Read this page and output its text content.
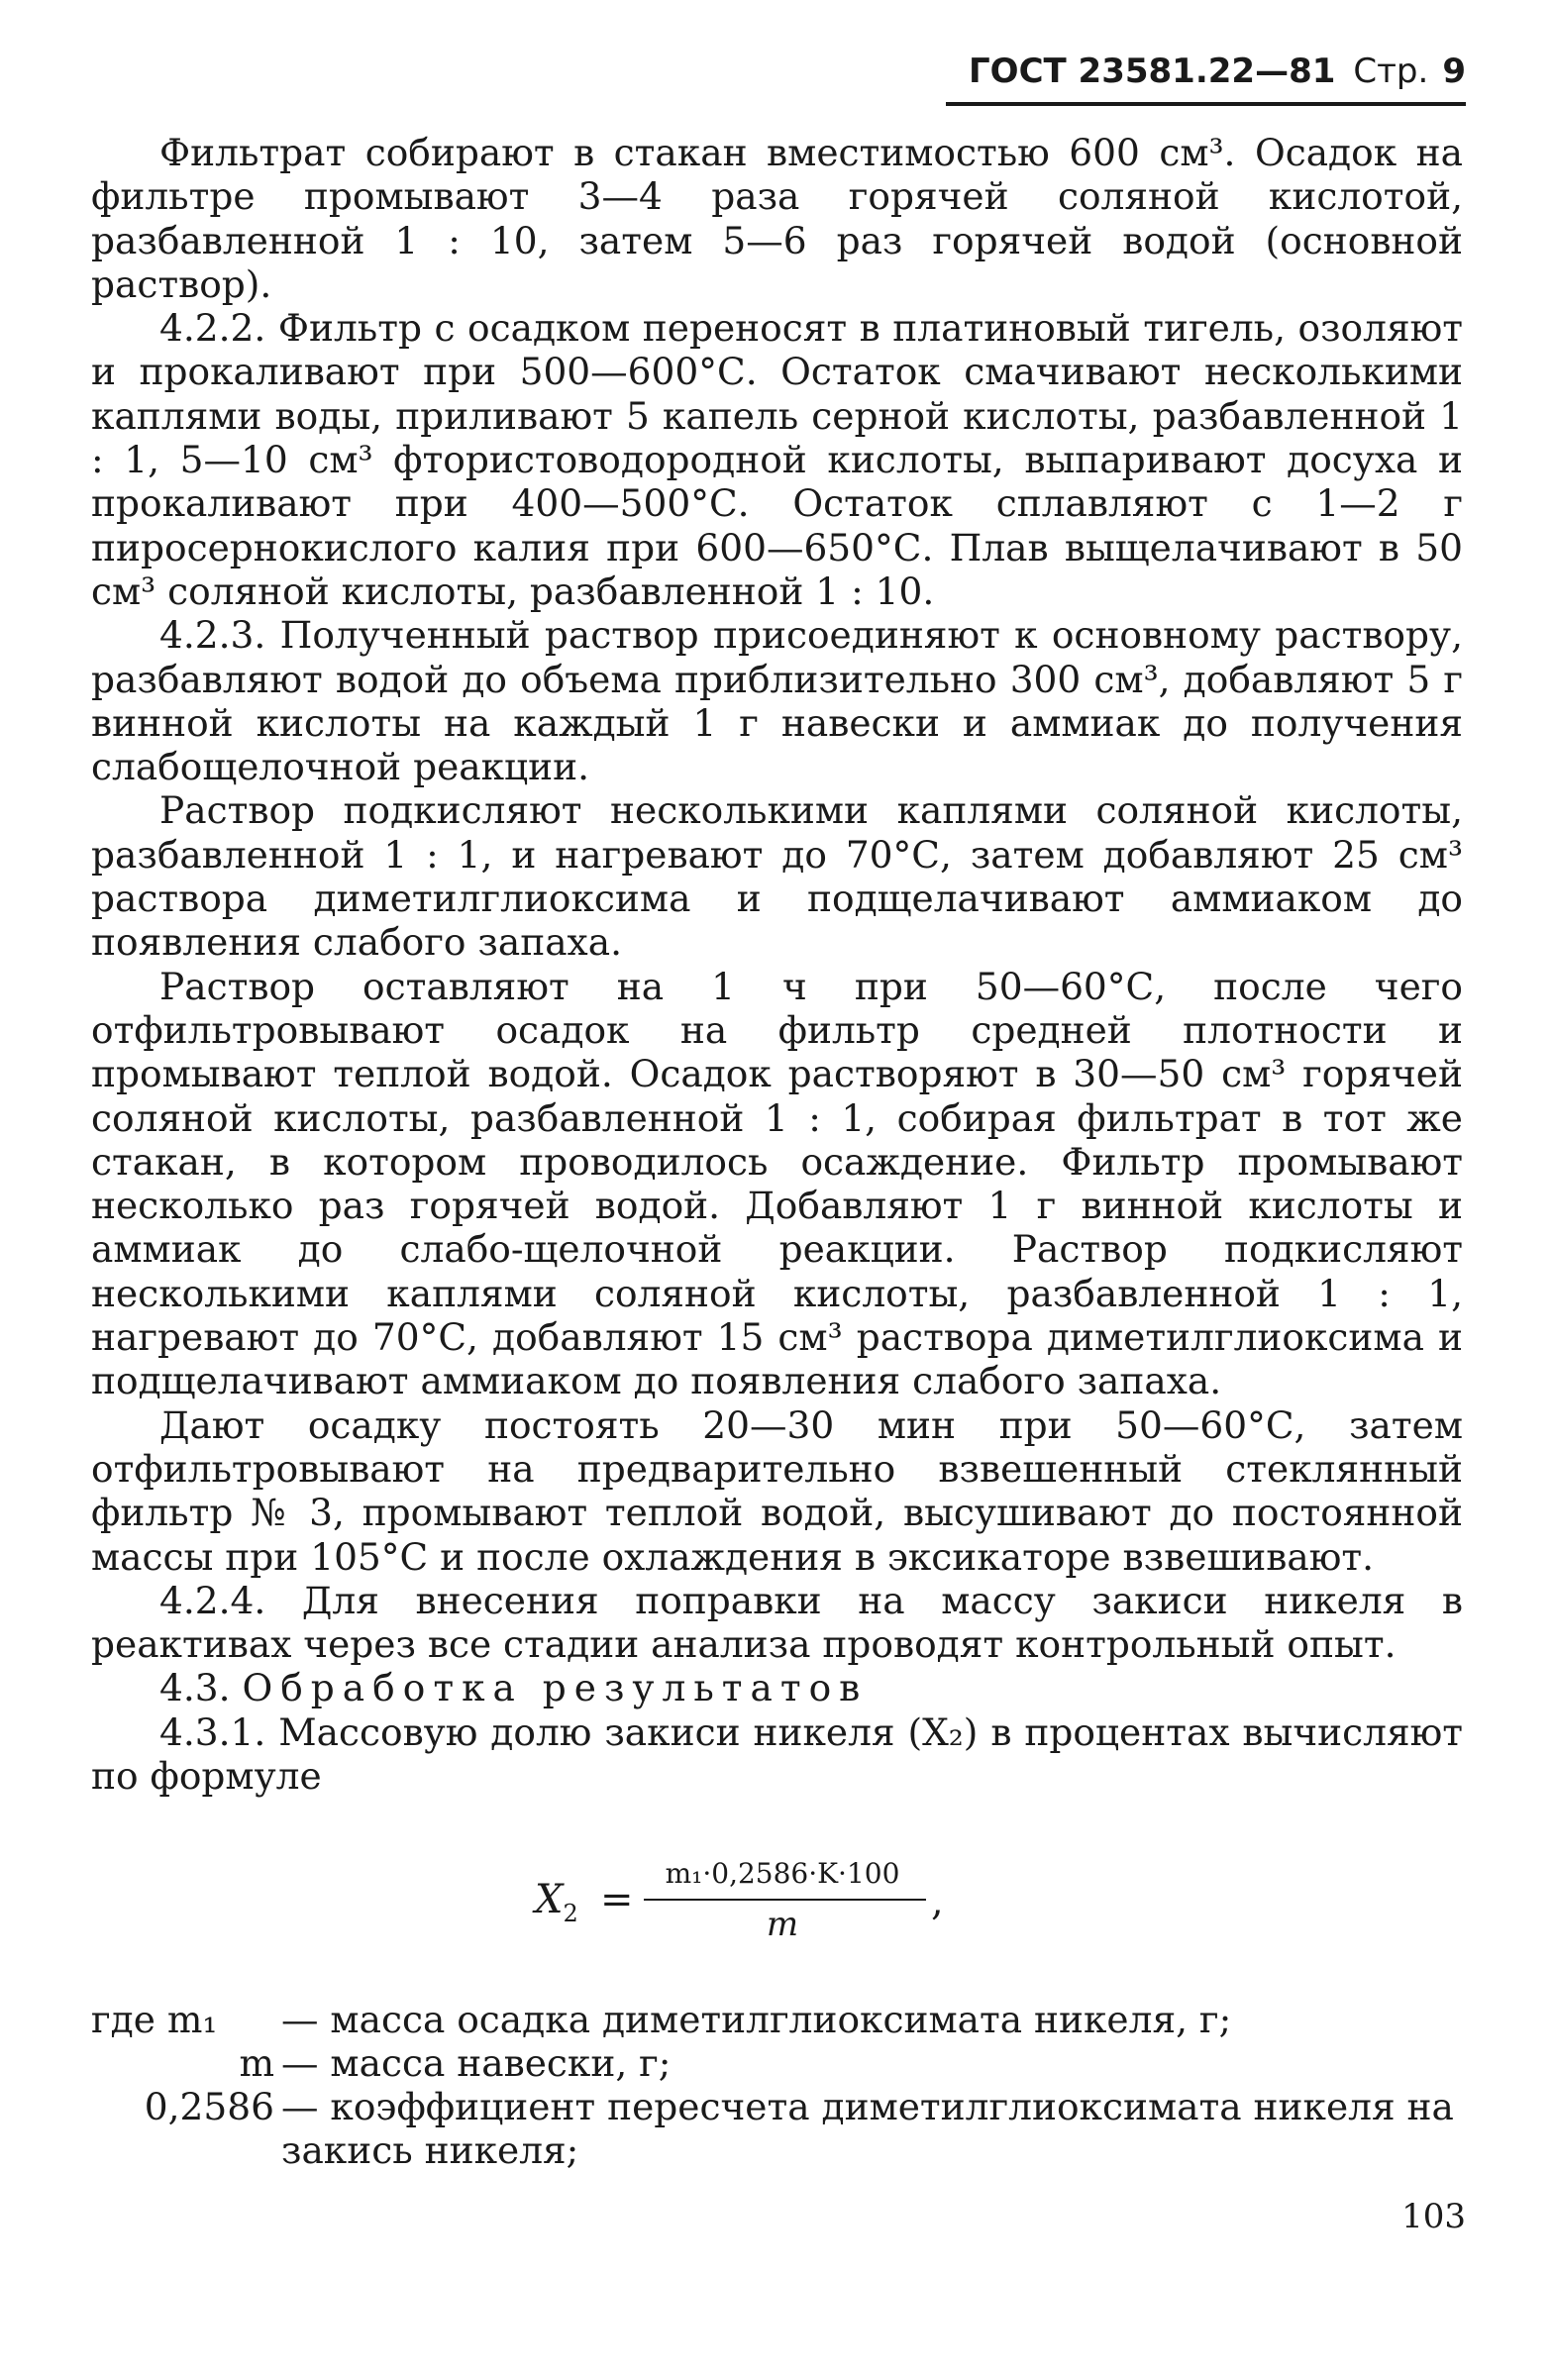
ГОСТ 23581.22—81 Стр. 9

Фильтрат собирают в стакан вместимостью 600 см³. Осадок на фильтре промывают 3—4 раза горячей соляной кислотой, разбавленной 1 : 10, затем 5—6 раз горячей водой (основной раствор).

4.2.2. Фильтр с осадком переносят в платиновый тигель, озоляют и прокаливают при 500—600°С. Остаток смачивают несколькими каплями воды, приливают 5 капель серной кислоты, разбавленной 1 : 1, 5—10 см³ фтористоводородной кислоты, выпаривают досуха и прокаливают при 400—500°С. Остаток сплавляют с 1—2 г пиросернокислого калия при 600—650°С. Плав выщелачивают в 50 см³ соляной кислоты, разбавленной 1 : 10.

4.2.3. Полученный раствор присоединяют к основному раствору, разбавляют водой до объема приблизительно 300 см³, добавляют 5 г винной кислоты на каждый 1 г навески и аммиак до получения слабощелочной реакции.

Раствор подкисляют несколькими каплями соляной кислоты, разбавленной 1 : 1, и нагревают до 70°С, затем добавляют 25 см³ раствора диметилглиоксима и подщелачивают аммиаком до появления слабого запаха.

Раствор оставляют на 1 ч при 50—60°С, после чего отфильтровывают осадок на фильтр средней плотности и промывают теплой водой. Осадок растворяют в 30—50 см³ горячей соляной кислоты, разбавленной 1 : 1, собирая фильтрат в тот же стакан, в котором проводилось осаждение. Фильтр промывают несколько раз горячей водой. Добавляют 1 г винной кислоты и аммиак до слабо-щелочной реакции. Раствор подкисляют несколькими каплями соляной кислоты, разбавленной 1 : 1, нагревают до 70°С, добавляют 15 см³ раствора диметилглиоксима и подщелачивают аммиаком до появления слабого запаха.

Дают осадку постоять 20—30 мин при 50—60°С, затем отфильтровывают на предварительно взвешенный стеклянный фильтр № 3, промывают теплой водой, высушивают до постоянной массы при 105°С и после охлаждения в эксикаторе взвешивают.

4.2.4. Для внесения поправки на массу закиси никеля в реактивах через все стадии анализа проводят контрольный опыт.

4.3. Обработка результатов

4.3.1. Массовую долю закиси никеля (X₂) в процентах вычисляют по формуле

$X_2$ =
m₁·0,2586·K·100
m	,
где m₁	— масса осадка диметилглиоксимата никеля, г;
m — масса навески, г;
0,2586 — коэффициент пересчета диметилглиоксимата никеля на
закись никеля;
103
